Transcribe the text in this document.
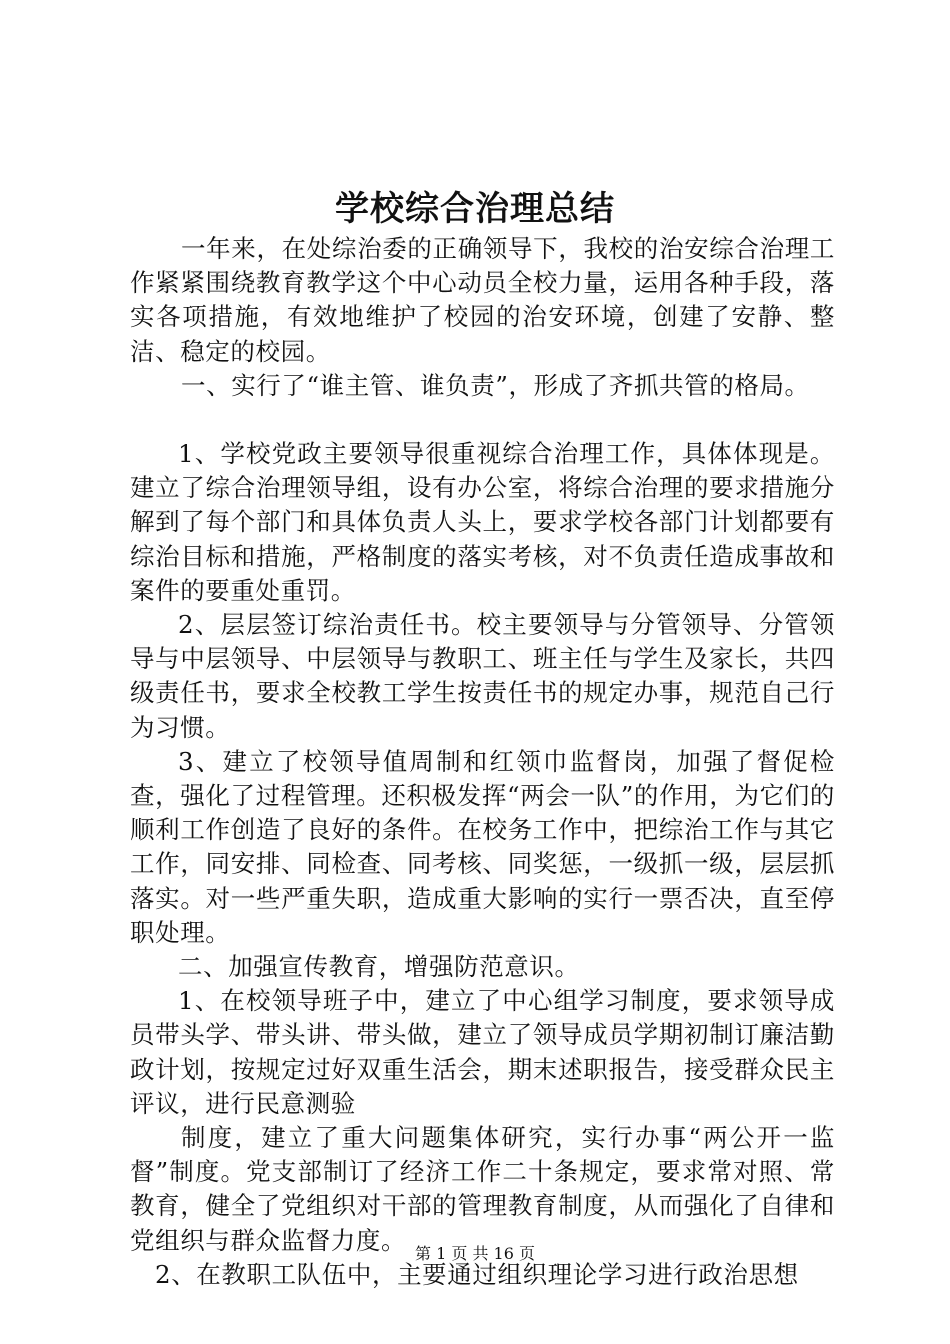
学校综合治理总结

一年来，在处综治委的正确领导下，我校的治安综合治理工作紧紧围绕教育教学这个中心动员全校力量，运用各种手段，落实各项措施，有效地维护了校园的治安环境，创建了安静、整洁、稳定的校园。

一、实行了“谁主管、谁负责”，形成了齐抓共管的格局。

1、学校党政主要领导很重视综合治理工作，具体体现是。建立了综合治理领导组，设有办公室，将综合治理的要求措施分解到了每个部门和具体负责人头上，要求学校各部门计划都要有综治目标和措施，严格制度的落实考核，对不负责任造成事故和案件的要重处重罚。

2、层层签订综治责任书。校主要领导与分管领导、分管领导与中层领导、中层领导与教职工、班主任与学生及家长，共四级责任书，要求全校教工学生按责任书的规定办事，规范自己行为习惯。

3、建立了校领导值周制和红领巾监督岗，加强了督促检查，强化了过程管理。还积极发挥“两会一队”的作用，为它们的顺利工作创造了良好的条件。在校务工作中，把综治工作与其它工作，同安排、同检查、同考核、同奖惩，一级抓一级，层层抓落实。对一些严重失职，造成重大影响的实行一票否决，直至停职处理。

二、加强宣传教育，增强防范意识。

1、在校领导班子中，建立了中心组学习制度，要求领导成员带头学、带头讲、带头做，建立了领导成员学期初制订廉洁勤政计划，按规定过好双重生活会，期末述职报告，接受群众民主评议，进行民意测验

制度，建立了重大问题集体研究，实行办事“两公开一监督”制度。党支部制订了经济工作二十条规定，要求常对照、常教育，健全了党组织对干部的管理教育制度，从而强化了自律和党组织与群众监督力度。

2、在教职工队伍中，主要通过组织理论学习进行政治思想

第 1 页 共 16 页
